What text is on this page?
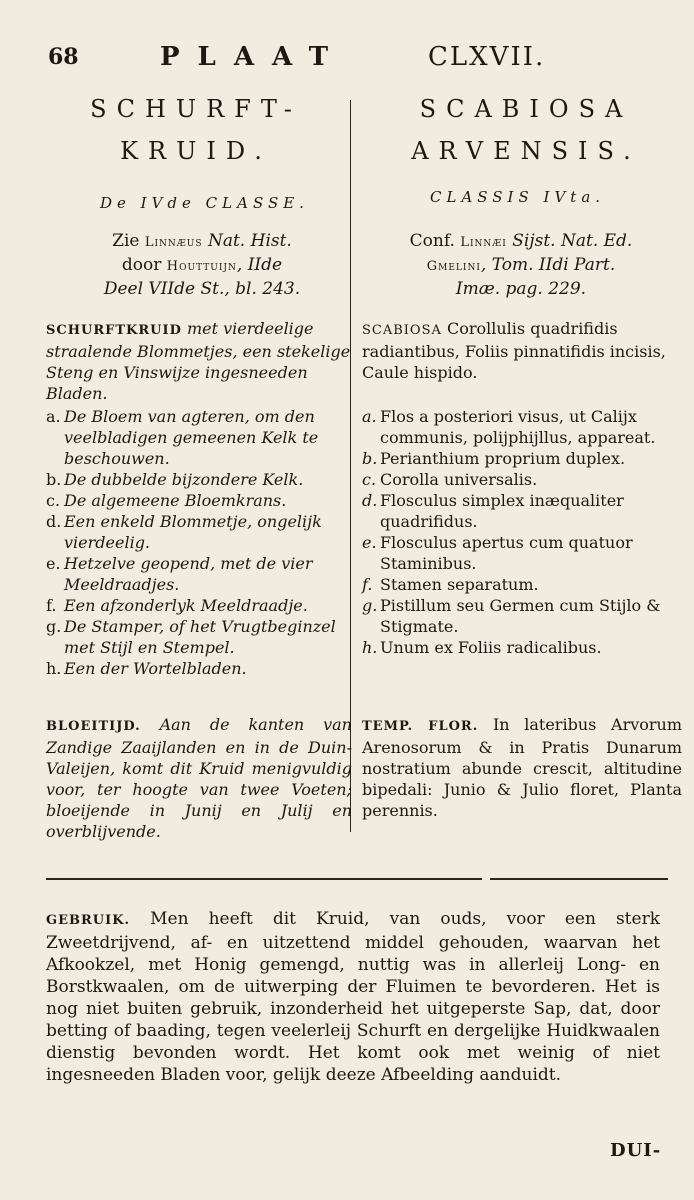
68	PLAAT	CLXVII.
SCHURFT-
KRUID.
SCABIOSA
ARVENSIS.
De IVde CLASSE.	CLASSIS IVta.
Zie Linnæus Nat. Hist.
door Houttuijn, IIde
Deel VIIde St., bl. 243.
Conf. Linnæi Sijst. Nat. Ed.
Gmelini, Tom. IIdi Part.
Imæ. pag. 229.
SCHURFTKRUID met vierdeelige straalende Blommetjes, een stekelige Steng en Vinswijze ingesneeden Bladen.
a. De Bloem van agteren, om den veelbladigen gemeenen Kelk te beschouwen.
b. De dubbelde bijzondere Kelk.
c. De algemeene Bloemkrans.
d. Een enkeld Blommetje, ongelijk vierdeelig.
e. Hetzelve geopend, met de vier Meeldraadjes.
f. Een afzonderlyk Meeldraadje.
g. De Stamper, of het Vrugtbeginzel met Stijl en Stempel.
h. Een der Wortelbladen.
BLOEITIJD. Aan de kanten van Zandige Zaaijlanden en in de Duin-Valeijen, komt dit Kruid menigvuldig voor, ter hoogte van twee Voeten; bloeijende in Junij en Julij en overblijvende.
SCABIOSA Corollulis quadrifidis radiantibus, Foliis pinnatifidis incisis, Caule hispido.
a. Flos a posteriori visus, ut Calijx communis, polijphijllus, appareat.
b. Perianthium proprium duplex.
c. Corolla universalis.
d. Flosculus simplex inæqualiter quadrifidus.
e. Flosculus apertus cum quatuor Staminibus.
f. Stamen separatum.
g. Pistillum seu Germen cum Stijlo & Stigmate.
h. Unum ex Foliis radicalibus.
TEMP. FLOR. In lateribus Arvorum Arenosorum & in Pratis Dunarum nostratium abunde crescit, altitudine bipedali: Junio & Julio floret, Planta perennis.
GEBRUIK. Men heeft dit Kruid, van ouds, voor een sterk Zweetdrijvend, af- en uitzettend middel gehouden, waarvan het Afkookzel, met Honig gemengd, nuttig was in allerleij Long- en Borstkwaalen, om de uitwerping der Fluimen te bevorderen. Het is nog niet buiten gebruik, inzonderheid het uitgeperste Sap, dat, door betting of baading, tegen veelerleij Schurft en dergelijke Huidkwaalen dienstig bevonden wordt. Het komt ook met weinig of niet ingesneeden Bladen voor, gelijk deeze Afbeelding aanduidt.
DUI-
